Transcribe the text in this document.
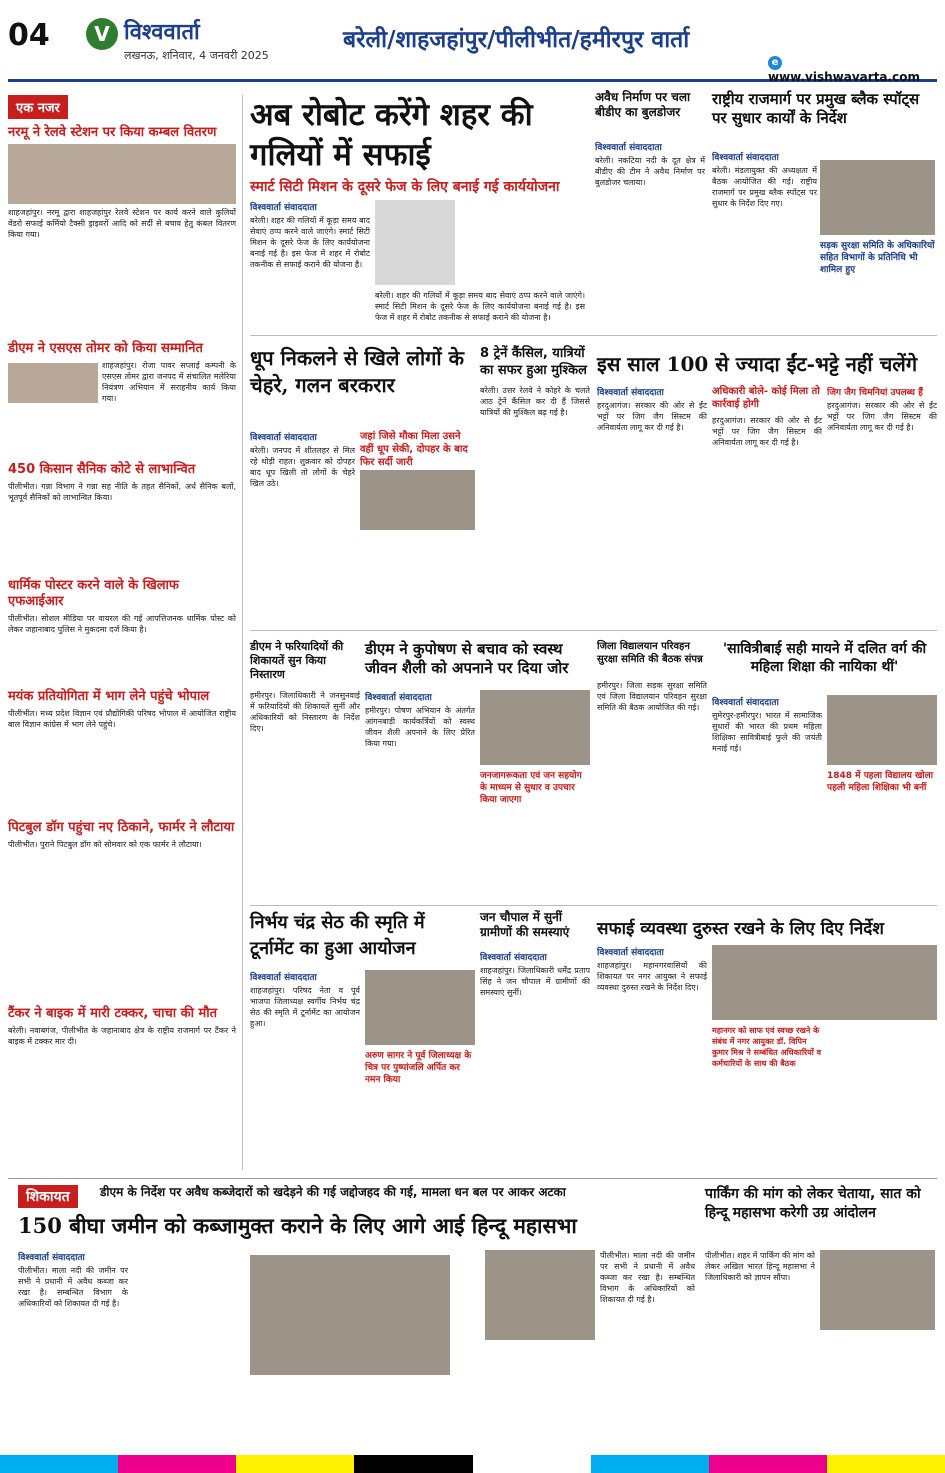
04	V विश्ववार्ता
लखनऊ, शनिवार, 4 जनवरी 2025
बरेली/शाहजहांपुर/पीलीभीत/हमीरपुर वार्ता
ewww.vishwavarta.com
एक नजर
नरमू ने रेलवे स्टेशन पर किया कम्बल वितरण

शाहजहांपुर। नरमू द्वारा शाहजहांपुर रेलवे स्टेशन पर कार्य करने वाले कुलियों वेंडरो सफाई कर्मियो टैक्सी ड्राइवरों आदि को सर्दी से बचाव हेतु कंबल वितरण किया गया।

डीएम ने एसएस तोमर को किया सम्मानित

शाहजहांपुर। रोजा पावर सप्लाई कम्पनी के एसएस तोमर द्वारा जनपद में संचालित मलेरिया नियंत्रण अभियान में सराहनीय कार्य किया गया।

450 किसान सैनिक कोटे से लाभान्वित

पीलीभीत। गन्ना विभाग ने गन्ना सह नीति के तहत सैनिकों, अर्ध सैनिक बलों, भूतपूर्व सैनिकों को लाभान्वित किया।

धार्मिक पोस्टर करने वाले के खिलाफ एफआईआर

पीलीभीत। सोशल मीडिया पर वायरल की गई आपत्तिजनक धार्मिक पोस्ट को लेकर जहानाबाद पुलिस ने मुकदमा दर्ज किया है।

मयंक प्रतियोगिता में भाग लेने पहुंचे भोपाल

पीलीभीत। मध्य प्रदेश विज्ञान एवं प्रौद्योगिकी परिषद भोपाल में आयोजित राष्ट्रीय बाल विज्ञान कांग्रेस में भाग लेने पहुंचे।

पिटबुल डॉग पहुंचा नए ठिकाने, फार्मर ने लौटाया

पीलीभीत। पुराने पिटबुल डॉग को सोमवार को एक फार्मर ने लौटाया।

टैंकर ने बाइक में मारी टक्कर, चाचा की मौत

बरेली। नवाबगंज, पीलीभीत के जहानाबाद क्षेत्र के राष्ट्रीय राजमार्ग पर टैंकर ने बाइक में टक्कर मार दी।

अब रोबोट करेंगे शहर की गलियों में सफाई
स्मार्ट सिटी मिशन के दूसरे फेज के लिए बनाई गई कार्ययोजना
विश्ववार्ता संवाददाता
बरेली। शहर की गलियों में कूड़ा समय बाद सेवाएं ठप्प करने वाले जाएंगे। स्मार्ट सिटी मिशन के दूसरे फेज के लिए कार्ययोजना बनाई गई है। इस फेज में शहर में रोबोट तकनीक से सफाई कराने की योजना है।
बरेली। शहर की गलियों में कूड़ा समय बाद सेवाएं ठप्प करने वाले जाएंगे। स्मार्ट सिटी मिशन के दूसरे फेज के लिए कार्ययोजना बनाई गई है। इस फेज में शहर में रोबोट तकनीक से सफाई कराने की योजना है।
अवैध निर्माण पर चला बीडीए का बुलडोजर
विश्ववार्ता संवाददाता
बरेली। नकटिया नदी के दूत क्षेत्र में बीडीए की टीम ने अवैध निर्माण पर बुलडोजर चलाया।
राष्ट्रीय राजमार्ग पर प्रमुख ब्लैक स्पॉट्स पर सुधार कार्यों के निर्देश
विश्ववार्ता संवाददाता
बरेली। मंडलायुक्त की अध्यक्षता में बैठक आयोजित की गई। राष्ट्रीय राजमार्ग पर प्रमुख ब्लैक स्पॉट्स पर सुधार के निर्देश दिए गए।
सड़क सुरक्षा समिति के अधिकारियों सहित विभागों के प्रतिनिधि भी शामिल हुए
धूप निकलने से खिले लोगों के चेहरे, गलन बरकरार
विश्ववार्ता संवाददाता
बरेली। जनपद में शीतलहर से मिल रहे थोड़ी राहत। शुक्रवार को दोपहर बाद धूप खिली तो लोगों के चेहरे खिल उठे।
जहां जिसे मौका मिला उसने वहीं धूप सेकी, दोपहर के बाद फिर सर्दी जारी
8 ट्रेनें कैंसिल, यात्रियों का सफर हुआ मुश्किल
बरेली। उत्तर रेलवे ने कोहरे के चलते आठ ट्रेनें कैंसिल कर दी हैं जिससे यात्रियों की मुश्किल बढ़ गई है।
इस साल 100 से ज्यादा ईंट-भट्टे नहीं चलेंगे
विश्ववार्ता संवाददाता
हरदुआगंज। सरकार की ओर से ईंट भट्टों पर जिग जैग सिस्टम की अनिवार्यता लागू कर दी गई है।
अधिकारी बोले- कोई मिला तो कार्रवाई होगी
हरदुआगंज। सरकार की ओर से ईंट भट्टों पर जिग जैग सिस्टम की अनिवार्यता लागू कर दी गई है।
जिग जैग चिमनियां उपलब्ध हैं
हरदुआगंज। सरकार की ओर से ईंट भट्टों पर जिग जैग सिस्टम की अनिवार्यता लागू कर दी गई है।
डीएम ने फरियादियों की शिकायतें सुन किया निस्तारण
हमीरपुर। जिलाधिकारी ने जनसुनवाई में फरियादियों की शिकायतें सुनीं और अधिकारियों को निस्तारण के निर्देश दिए।
डीएम ने कुपोषण से बचाव को स्वस्थ जीवन शैली को अपनाने पर दिया जोर
विश्ववार्ता संवाददाता
हमीरपुर। पोषण अभियान के अंतर्गत आंगनबाड़ी कार्यकर्त्रियों को स्वस्थ जीवन शैली अपनाने के लिए प्रेरित किया गया।
जनजागरूकता एवं जन सहयोग के माध्यम से सुधार व उपचार किया जाएगा
जिला विद्यालयान परिवहन सुरक्षा समिति की बैठक संपन्न
हमीरपुर। जिला सड़क सुरक्षा समिति एवं जिला विद्यालयान परिवहन सुरक्षा समिति की बैठक आयोजित की गई।
'सावित्रीबाई सही मायने में दलित वर्ग की महिला शिक्षा की नायिका थीं'
विश्ववार्ता संवाददाता
सुमेरपुर-हमीरपुर। भारत में सामाजिक सुधारों की भारत की प्रथम महिला शिक्षिका सावित्रीबाई फुले की जयंती मनाई गई।
1848 में पहला विद्यालय खोला पहली महिला शिक्षिका भी बनीं
निर्भय चंद्र सेठ की स्मृति में टूर्नामेंट का हुआ आयोजन
विश्ववार्ता संवाददाता
शाहजहांपुर। परिषद नेता व पूर्व भाजपा जिलाध्यक्ष स्वर्गीय निर्भय चंद्र सेठ की स्मृति में टूर्नामेंट का आयोजन हुआ।
अरुण सागर ने पूर्व जिलाध्यक्ष के चित्र पर पुष्पांजलि अर्पित कर नमन किया
जन चौपाल में सुनीं ग्रामीणों की समस्याएं
विश्ववार्ता संवाददाता
शाहजहांपुर। जिलाधिकारी धर्मेंद्र प्रताप सिंह ने जन चौपाल में ग्रामीणों की समस्याएं सुनीं।
सफाई व्यवस्था दुरुस्त रखने के लिए दिए निर्देश
विश्ववार्ता संवाददाता
शाहजहांपुर। महानगरवासियों की शिकायत पर नगर आयुक्त ने सफाई व्यवस्था दुरुस्त रखने के निर्देश दिए।
महानगर को साफ एवं स्वच्छ रखने के संबंध में नगर आयुक्त डॉ. विपिन कुमार मिश्र ने सम्बंधित अधिकारियों व कर्मचारियों के साथ की बैठक
शिकायत	डीएम के निर्देश पर अवैध कब्जेदारों को खदेड़ने की गई जद्दोजहद की गई, मामला धन बल पर आकर अटका
150 बीघा जमीन को कब्जामुक्त कराने के लिए आगे आई हिन्दू महासभा
विश्ववार्ता संवाददाता
पीलीभीत। माला नदी की जमीन पर सभी ने प्रधानी में अवैध कब्जा कर रखा है। सम्बन्धित विभाग के अधिकारियों को शिकायत दी गई है।
पीलीभीत। माला नदी की जमीन पर सभी ने प्रधानी में अवैध कब्जा कर रखा है। सम्बन्धित विभाग के अधिकारियों को शिकायत दी गई है।
पार्किंग की मांग को लेकर चेताया, सात को हिन्दू महासभा करेगी उग्र आंदोलन
पीलीभीत। शहर में पार्किंग की मांग को लेकर अखिल भारत हिन्दू महासभा ने जिलाधिकारी को ज्ञापन सौंपा।
